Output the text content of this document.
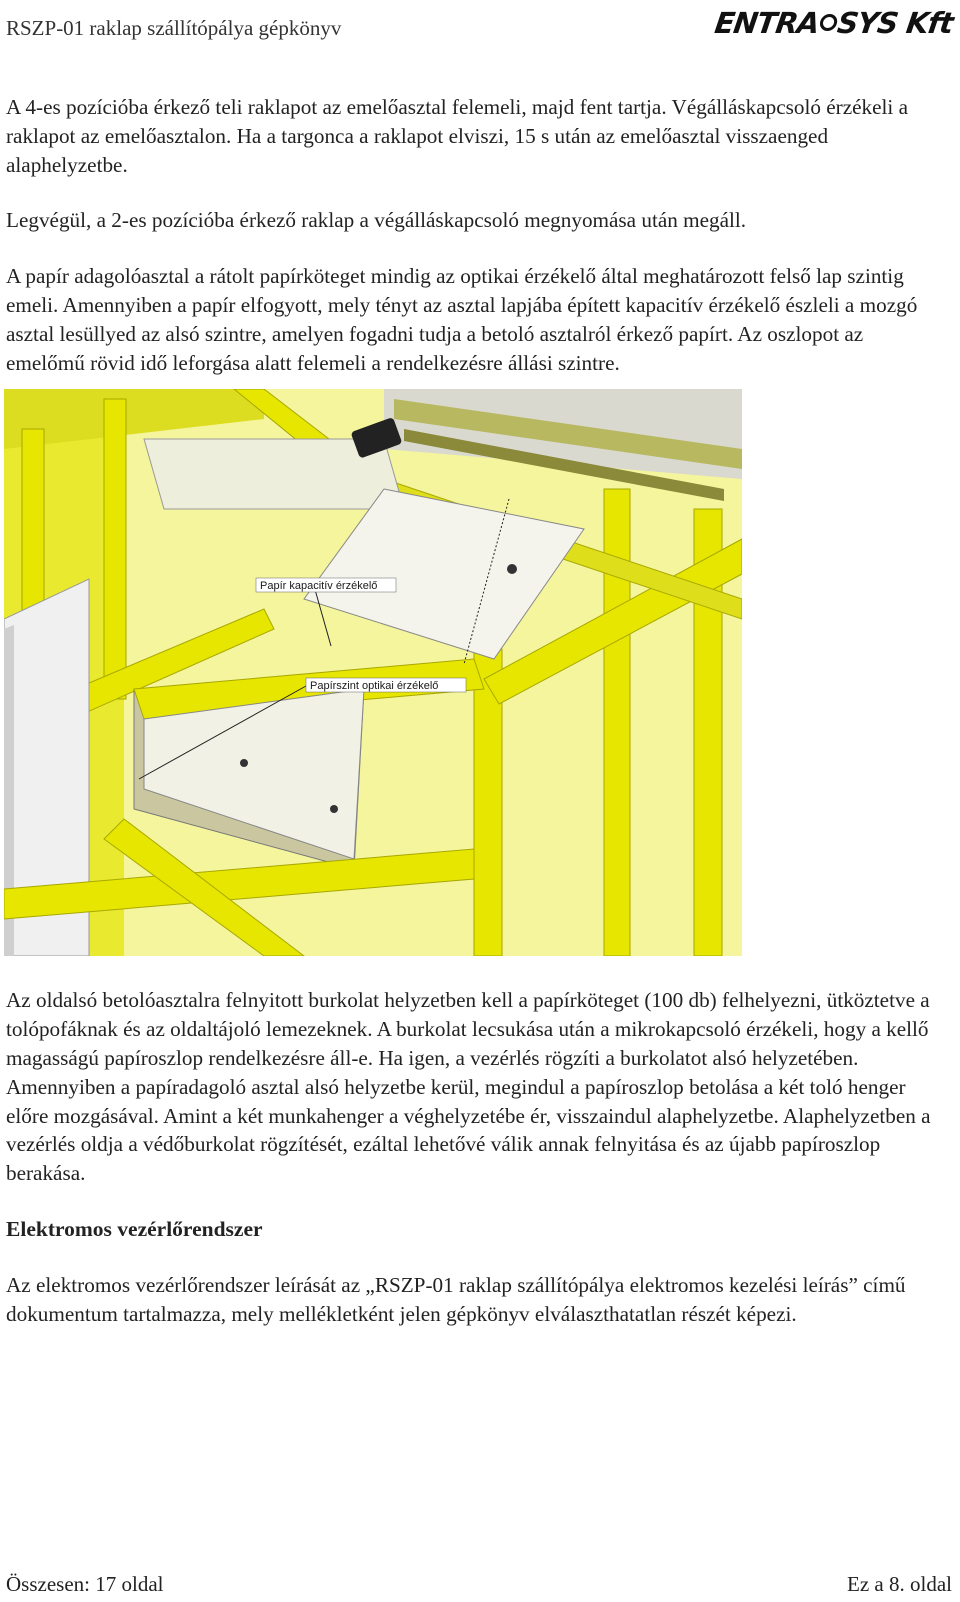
RSZP-01 raklap szállítópálya gépkönyv	ENTRA SYS Kft

A 4-es pozícióba érkező teli raklapot az emelőasztal felemeli, majd fent tartja. Végálláskapcsoló érzékeli a raklapot az emelőasztalon. Ha a targonca a raklapot elviszi, 15 s után az emelőasztal visszaenged alaphelyzetbe.

Legvégül, a 2-es pozícióba érkező raklap a végálláskapcsoló megnyomása után megáll.

A papír adagolóasztal a rátolt papírköteget mindig az optikai érzékelő által meghatározott felső lap szintig emeli. Amennyiben a papír elfogyott, mely tényt az asztal lapjába épített kapacitív érzékelő észleli a mozgó asztal lesüllyed az alsó szintre, amelyen fogadni tudja a betoló asztalról érkező papírt. Az oszlopot az emelőmű rövid idő leforgása alatt felemeli a rendelkezésre állási szintre.

Papír kapacitív érzékelő
Papírszint optikai érzékelő

Az oldalsó betolóasztalra felnyitott burkolat helyzetben kell a papírköteget (100 db) felhelyezni, ütköztetve a tolópofáknak és az oldaltájoló lemezeknek. A burkolat lecsukása után a mikrokapcsoló érzékeli, hogy a kellő magasságú papíroszlop rendelkezésre áll-e. Ha igen, a vezérlés rögzíti a burkolatot alsó helyzetében. Amennyiben a papíradagoló asztal alsó helyzetbe kerül, megindul a papíroszlop betolása a két toló henger előre mozgásával. Amint a két munkahenger a véghelyzetébe ér, visszaindul alaphelyzetbe. Alaphelyzetben a vezérlés oldja a védőburkolat rögzítését, ezáltal lehetővé válik annak felnyitása és az újabb papíroszlop berakása.

Elektromos vezérlőrendszer

Az elektromos vezérlőrendszer leírását az „RSZP-01 raklap szállítópálya elektromos kezelési leírás” című dokumentum tartalmazza, mely mellékletként jelen gépkönyv elválaszthatatlan részét képezi.

Összesen: 17 oldal	Ez a 8. oldal
